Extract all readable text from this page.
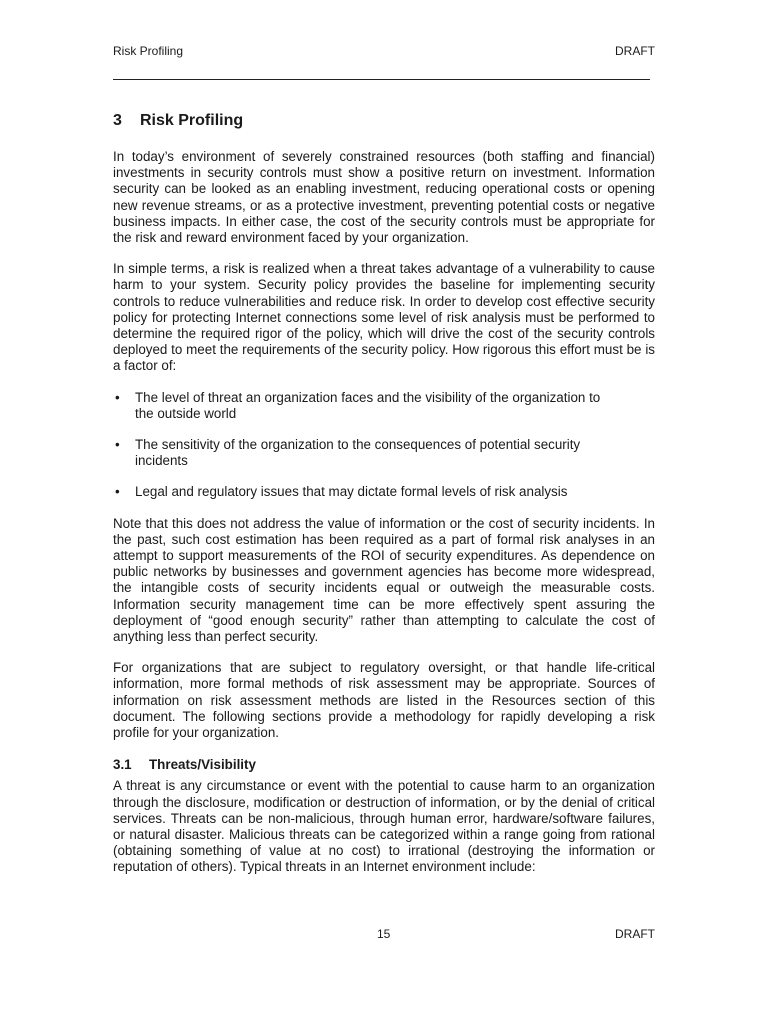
Risk Profiling	DRAFT
3 Risk Profiling

In today’s environment of severely constrained resources (both staffing and financial) investments in security controls must show a positive return on investment. Information security can be looked as an enabling investment, reducing operational costs or opening new revenue streams, or as a protective investment, preventing potential costs or negative business impacts. In either case, the cost of the security controls must be appropriate for the risk and reward environment faced by your organization.

In simple terms, a risk is realized when a threat takes advantage of a vulnerability to cause harm to your system. Security policy provides the baseline for implementing security controls to reduce vulnerabilities and reduce risk. In order to develop cost effective security policy for protecting Internet connections some level of risk analysis must be performed to determine the required rigor of the policy, which will drive the cost of the security controls deployed to meet the requirements of the security policy. How rigorous this effort must be is a factor of:

• The level of threat an organization faces and the visibility of the organization to the outside world
• The sensitivity of the organization to the consequences of potential security incidents
• Legal and regulatory issues that may dictate formal levels of risk analysis

Note that this does not address the value of information or the cost of security incidents. In the past, such cost estimation has been required as a part of formal risk analyses in an attempt to support measurements of the ROI of security expenditures. As dependence on public networks by businesses and government agencies has become more widespread, the intangible costs of security incidents equal or outweigh the measurable costs. Information security management time can be more effectively spent assuring the deployment of “good enough security” rather than attempting to calculate the cost of anything less than perfect security.

For organizations that are subject to regulatory oversight, or that handle life-critical information, more formal methods of risk assessment may be appropriate. Sources of information on risk assessment methods are listed in the Resources section of this document. The following sections provide a methodology for rapidly developing a risk profile for your organization.

3.1 Threats/Visibility

A threat is any circumstance or event with the potential to cause harm to an organization through the disclosure, modification or destruction of information, or by the denial of critical services. Threats can be non-malicious, through human error, hardware/software failures, or natural disaster. Malicious threats can be categorized within a range going from rational (obtaining something of value at no cost) to irrational (destroying the information or reputation of others). Typical threats in an Internet environment include:

15	DRAFT
